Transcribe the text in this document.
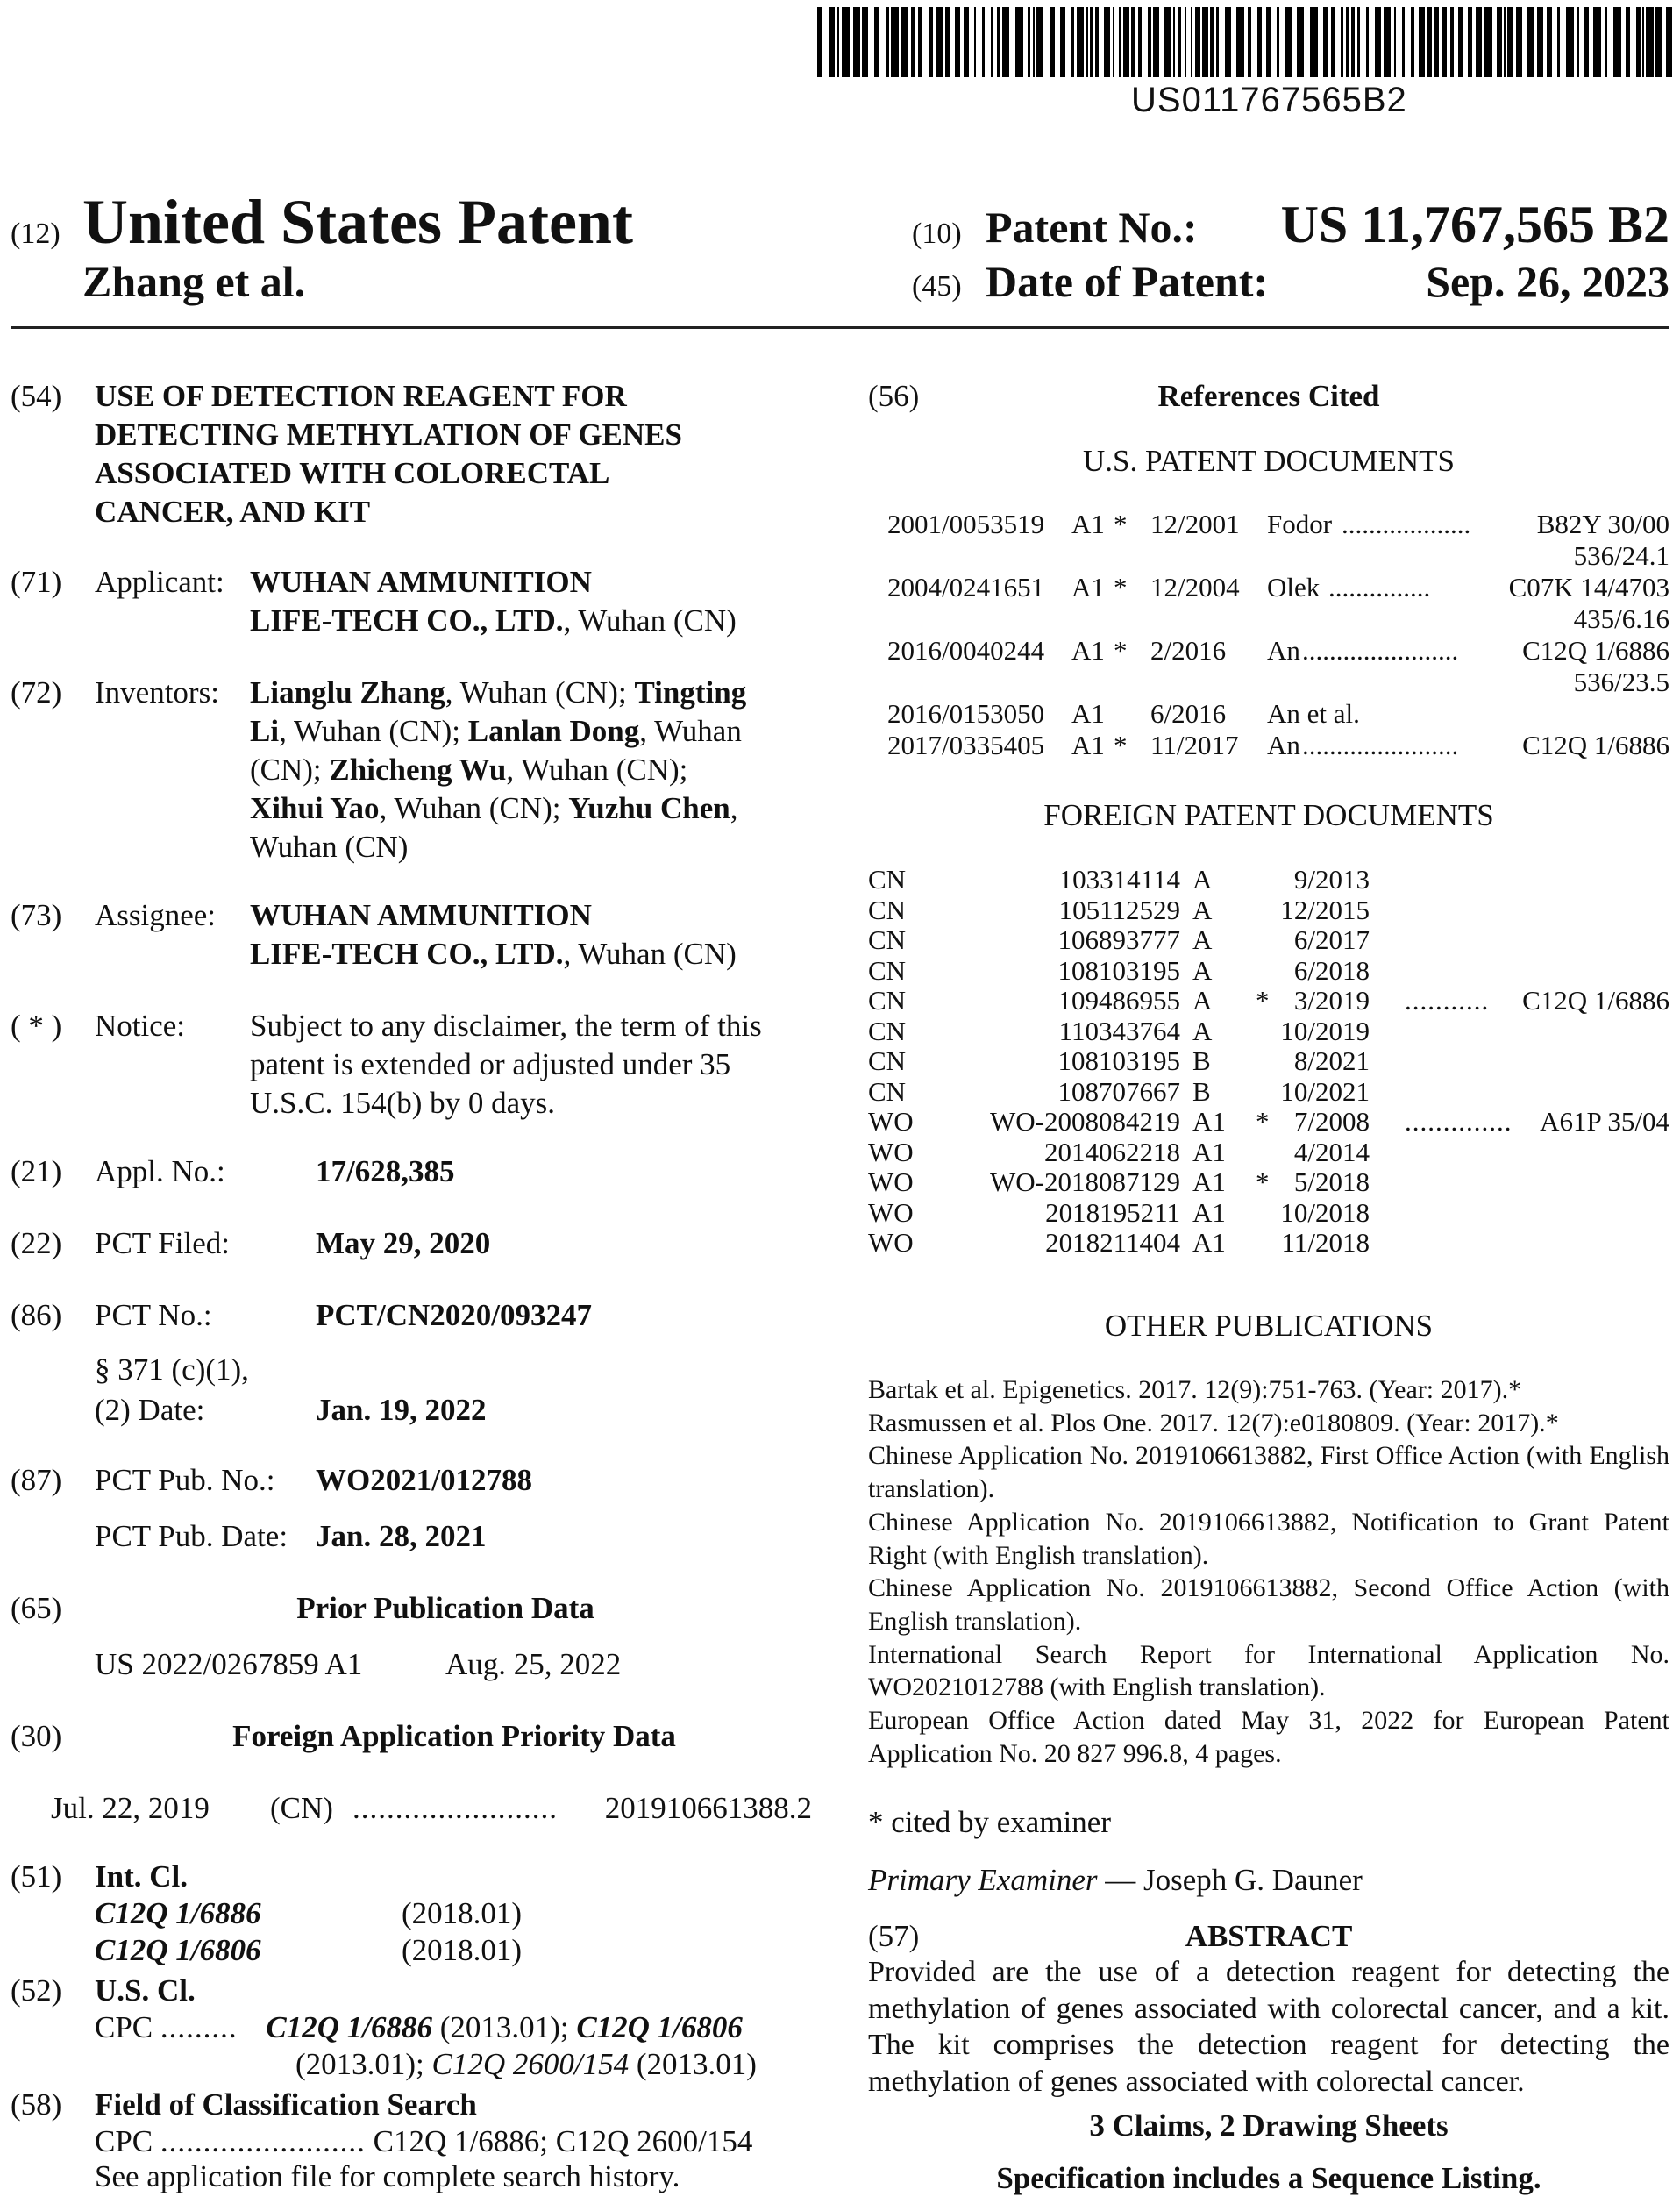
US011767565B2
(12) United States Patent
Zhang et al.
(10) Patent No.: US 11,767,565 B2
(45) Date of Patent:	Sep. 26, 2023
(54) USE OF DETECTION REAGENT FOR
DETECTING METHYLATION OF GENES
ASSOCIATED WITH COLORECTAL
CANCER, AND KIT
(71) Applicant: WUHAN AMMUNITION
LIFE-TECH CO., LTD., Wuhan (CN)
(72) Inventors: Lianglu Zhang, Wuhan (CN); Tingting
Li, Wuhan (CN); Lanlan Dong, Wuhan
(CN); Zhicheng Wu, Wuhan (CN);
Xihui Yao, Wuhan (CN); Yuzhu Chen,
Wuhan (CN)
(73) Assignee: WUHAN AMMUNITION
LIFE-TECH CO., LTD., Wuhan (CN)
( * ) Notice: Subject to any disclaimer, the term of this
patent is extended or adjusted under 35
U.S.C. 154(b) by 0 days.
(21) Appl. No.:	17/628,385
(22) PCT Filed:	May 29, 2020
(86) PCT No.:	PCT/CN2020/093247
§ 371 (c)(1),
(2) Date:	Jan. 19, 2022
(87) PCT Pub. No.: WO2021/012788
PCT Pub. Date: Jan. 28, 2021
(65)	Prior Publication Data
US 2022/0267859 A1	Aug. 25, 2022
(30)	Foreign Application Priority Data
Jul. 22, 2019 (CN) ........................ 201910661388.2
(51) Int. Cl.
C12Q 1/6886	(2018.01)
C12Q 1/6806	(2018.01)
(52) U.S. Cl.
CPC ......... C12Q 1/6886 (2013.01); C12Q 1/6806
(2013.01); C12Q 2600/154 (2013.01)
(58) Field of Classification Search
CPC ........................ C12Q 1/6886; C12Q 2600/154
See application file for complete search history.
(56)	References Cited
U.S. PATENT DOCUMENTS
2001/0053519 A1 * 12/2001 Fodor ................... B82Y 30/00
536/24.1
2004/0241651 A1 * 12/2004 Olek ...............	C07K 14/4703
435/6.16
2016/0040244 A1 * 2/2016 An ....................... C12Q 1/6886
536/23.5
2016/0153050 A1 6/2016 An et al.
2017/0335405 A1 * 11/2017 An ....................... C12Q 1/6886
FOREIGN PATENT DOCUMENTS
CN	103314114 A	9/2013
CN	105112529 A	12/2015
CN	106893777 A	6/2017
CN	108103195 A	6/2018
CN	109486955 A * 3/2019 ........... C12Q 1/6886
CN	110343764 A	10/2019
CN	108103195 B	8/2021
CN	108707667 B	10/2021
WO	WO-2008084219 A1 * 7/2008 .............. A61P 35/04
WO	2014062218 A1	4/2014
WO	WO-2018087129 A1 * 5/2018
WO	2018195211 A1 10/2018
WO	2018211404 A1 11/2018
OTHER PUBLICATIONS
Bartak et al. Epigenetics. 2017. 12(9):751-763. (Year: 2017).*
Rasmussen et al. Plos One. 2017. 12(7):e0180809. (Year: 2017).*
Chinese Application No. 2019106613882, First Office Action (with English translation).
Chinese Application No. 2019106613882, Notification to Grant Patent Right (with English translation).
Chinese Application No. 2019106613882, Second Office Action (with English translation).
International Search Report for International Application No. WO2021012788 (with English translation).
European Office Action dated May 31, 2022 for European Patent Application No. 20 827 996.8, 4 pages.
* cited by examiner
Primary Examiner — Joseph G. Dauner
(57)	ABSTRACT
Provided are the use of a detection reagent for detecting the methylation of genes associated with colorectal cancer, and a kit. The kit comprises the detection reagent for detecting the methylation of genes associated with colorectal cancer.
3 Claims, 2 Drawing Sheets
Specification includes a Sequence Listing.
